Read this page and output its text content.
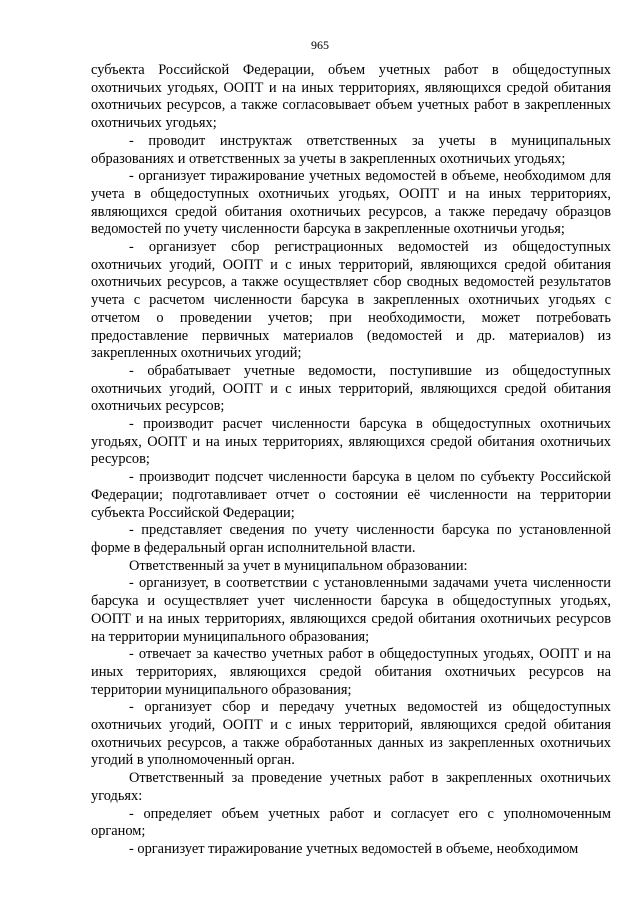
965

субъекта Российской Федерации, объем учетных работ в общедоступных охотничьих угодьях, ООПТ и на иных территориях, являющихся средой обитания охотничьих ресурсов, а также согласовывает объем учетных работ в закрепленных охотничьих угодьях;

- проводит инструктаж ответственных за учеты в муниципальных образованиях и ответственных за учеты в закрепленных охотничьих угодьях;

- организует тиражирование учетных ведомостей в объеме, необходимом для учета в общедоступных охотничьих угодьях, ООПТ и на иных территориях, являющихся средой обитания охотничьих ресурсов, а также передачу образцов ведомостей по учету численности барсука в закрепленные охотничьи угодья;

- организует сбор регистрационных ведомостей из общедоступных охотничьих угодий, ООПТ и с иных территорий, являющихся средой обитания охотничьих ресурсов, а также осуществляет сбор сводных ведомостей результатов учета с расчетом численности барсука в закрепленных охотничьих угодьях с отчетом о проведении учетов; при необходимости, может потребовать предоставление первичных материалов (ведомостей и др. материалов) из закрепленных охотничьих угодий;

- обрабатывает учетные ведомости, поступившие из общедоступных охотничьих угодий, ООПТ и с иных территорий, являющихся средой обитания охотничьих ресурсов;

- производит расчет численности барсука в общедоступных охотничьих угодьях, ООПТ и на иных территориях, являющихся средой обитания охотничьих ресурсов;

- производит подсчет численности барсука в целом по субъекту Российской Федерации; подготавливает отчет о состоянии её численности на территории субъекта Российской Федерации;

- представляет сведения по учету численности барсука по установленной форме в федеральный орган исполнительной власти.

Ответственный за учет в муниципальном образовании:

- организует, в соответствии с установленными задачами учета численности барсука и осуществляет учет численности барсука в общедоступных угодьях, ООПТ и на иных территориях, являющихся средой обитания охотничьих ресурсов на территории муниципального образования;

- отвечает за качество учетных работ в общедоступных угодьях, ООПТ и на иных территориях, являющихся средой обитания охотничьих ресурсов на территории муниципального образования;

- организует сбор и передачу учетных ведомостей из общедоступных охотничьих угодий, ООПТ и с иных территорий, являющихся средой обитания охотничьих ресурсов, а также обработанных данных из закрепленных охотничьих угодий в уполномоченный орган.

Ответственный за проведение учетных работ в закрепленных охотничьих угодьях:

- определяет объем учетных работ и согласует его с уполномоченным органом;

- организует тиражирование учетных ведомостей в объеме, необходимом
